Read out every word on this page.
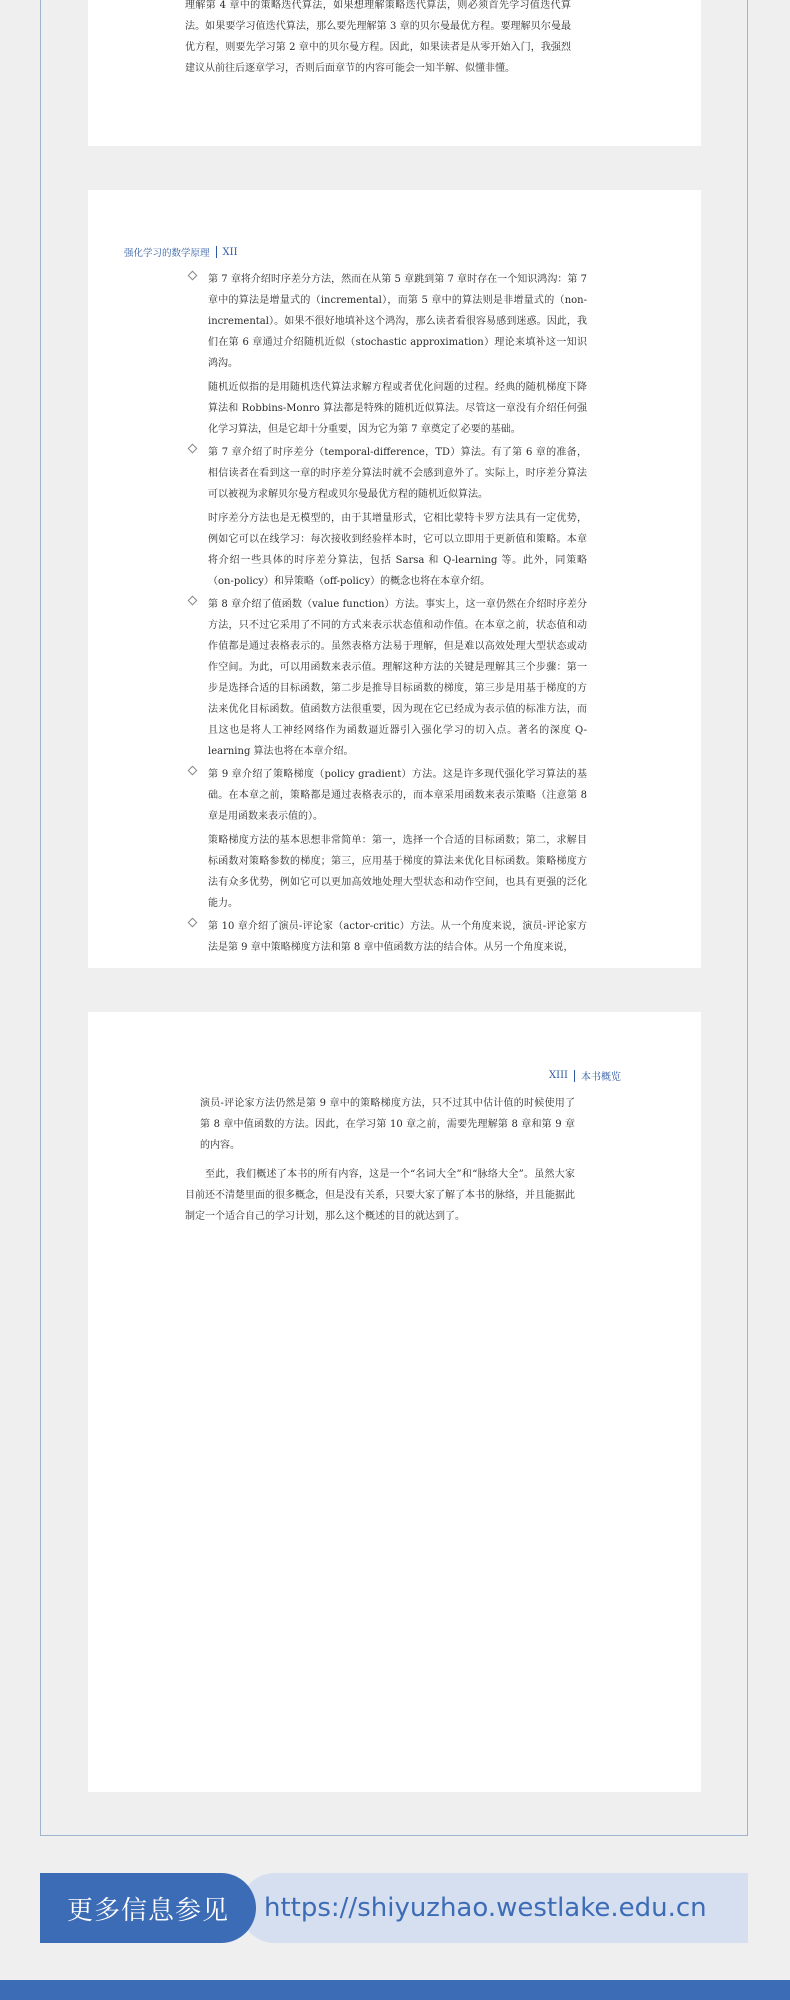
理解第 4 章中的策略迭代算法，如果想理解策略迭代算法，则必须首先学习值迭代算法。如果要学习值迭代算法，那么要先理解第 3 章的贝尔曼最优方程。要理解贝尔曼最优方程，则要先学习第 2 章中的贝尔曼方程。因此，如果读者是从零开始入门，我强烈建议从前往后逐章学习，否则后面章节的内容可能会一知半解、似懂非懂。

强化学习的数学原理 XII

第 7 章将介绍时序差分方法，然而在从第 5 章跳到第 7 章时存在一个知识鸿沟：第 7 章中的算法是增量式的（incremental），而第 5 章中的算法则是非增量式的（non-incremental）。如果不很好地填补这个鸿沟，那么读者看很容易感到迷惑。因此，我们在第 6 章通过介绍随机近似（stochastic approximation）理论来填补这一知识鸿沟。

随机近似指的是用随机迭代算法求解方程或者优化问题的过程。经典的随机梯度下降算法和 Robbins-Monro 算法都是特殊的随机近似算法。尽管这一章没有介绍任何强化学习算法，但是它却十分重要，因为它为第 7 章奠定了必要的基础。

第 7 章介绍了时序差分（temporal-difference，TD）算法。有了第 6 章的准备，相信读者在看到这一章的时序差分算法时就不会感到意外了。实际上，时序差分算法可以被视为求解贝尔曼方程或贝尔曼最优方程的随机近似算法。

时序差分方法也是无模型的，由于其增量形式，它相比蒙特卡罗方法具有一定优势，例如它可以在线学习：每次接收到经验样本时，它可以立即用于更新值和策略。本章将介绍一些具体的时序差分算法，包括 Sarsa 和 Q-learning 等。此外，同策略（on-policy）和异策略（off-policy）的概念也将在本章介绍。

第 8 章介绍了值函数（value function）方法。事实上，这一章仍然在介绍时序差分方法，只不过它采用了不同的方式来表示状态值和动作值。在本章之前，状态值和动作值都是通过表格表示的。虽然表格方法易于理解，但是难以高效处理大型状态或动作空间。为此，可以用函数来表示值。理解这种方法的关键是理解其三个步骤：第一步是选择合适的目标函数，第二步是推导目标函数的梯度，第三步是用基于梯度的方法来优化目标函数。值函数方法很重要，因为现在它已经成为表示值的标准方法，而且这也是将人工神经网络作为函数逼近器引入强化学习的切入点。著名的深度 Q-learning 算法也将在本章介绍。

第 9 章介绍了策略梯度（policy gradient）方法。这是许多现代强化学习算法的基础。在本章之前，策略都是通过表格表示的，而本章采用函数来表示策略（注意第 8 章是用函数来表示值的）。

策略梯度方法的基本思想非常简单：第一，选择一个合适的目标函数；第二，求解目标函数对策略参数的梯度；第三，应用基于梯度的算法来优化目标函数。策略梯度方法有众多优势，例如它可以更加高效地处理大型状态和动作空间，也具有更强的泛化能力。

第 10 章介绍了演员-评论家（actor-critic）方法。从一个角度来说，演员-评论家方法是第 9 章中策略梯度方法和第 8 章中值函数方法的结合体。从另一个角度来说，

XIII 本书概览

演员-评论家方法仍然是第 9 章中的策略梯度方法，只不过其中估计值的时候使用了第 8 章中值函数的方法。因此，在学习第 10 章之前，需要先理解第 8 章和第 9 章的内容。

至此，我们概述了本书的所有内容，这是一个“名词大全”和“脉络大全”。虽然大家目前还不清楚里面的很多概念，但是没有关系，只要大家了解了本书的脉络，并且能据此制定一个适合自己的学习计划，那么这个概述的目的就达到了。

更多信息参见	https://shiyuzhao.westlake.edu.cn
